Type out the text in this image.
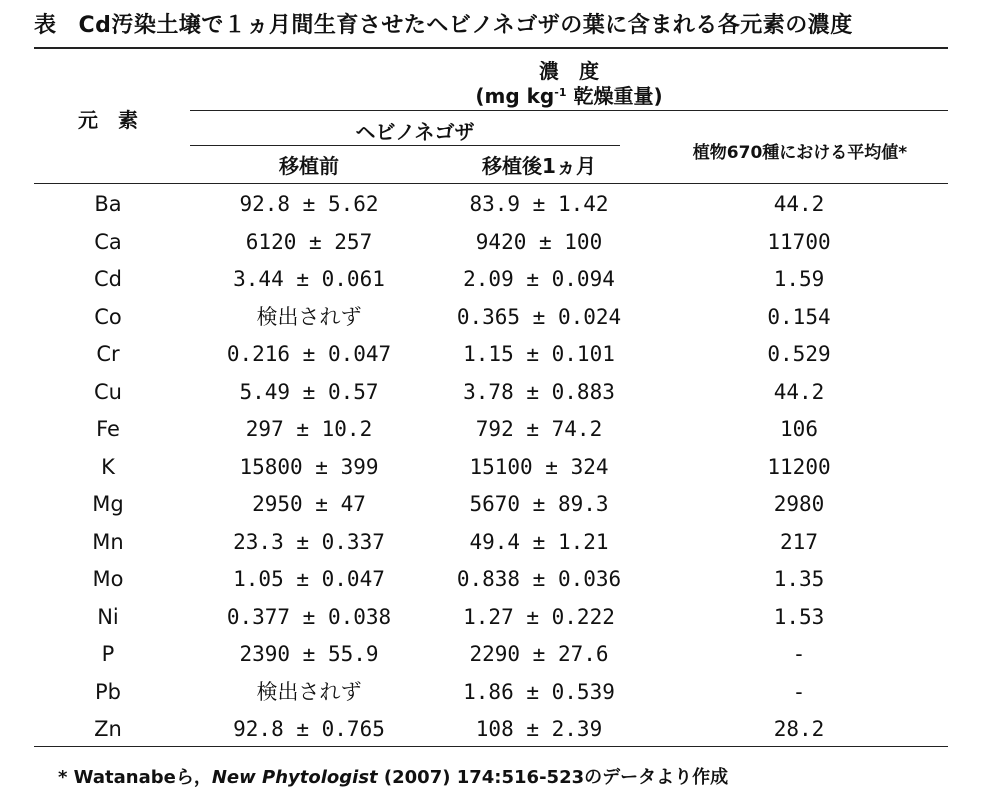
表 Cd汚染土壌で１ヵ月間生育させたヘビノネゴザの葉に含まれる各元素の濃度
濃　度
(mg $kg^{-1}$ 乾燥重量)
元　素	ヘビノネゴザ
植物670種における平均値*
移植前	移植後1ヵ月
Ba	92.8 ± 5.62	83.9 ± 1.42	44.2
Ca	6120 ± 257	9420 ± 100	11700
Cd	3.44 ± 0.061	2.09 ± 0.094	1.59
Co	検出されず	0.365 ± 0.024	0.154
Cr	0.216 ± 0.047	1.15 ± 0.101	0.529
Cu	5.49 ± 0.57	3.78 ± 0.883	44.2
Fe	297 ± 10.2	792 ± 74.2	106
K	15800 ± 399	15100 ± 324	11200
Mg	2950 ± 47	5670 ± 89.3	2980
Mn	23.3 ± 0.337	49.4 ± 1.21	217
Mo	1.05 ± 0.047	0.838 ± 0.036	1.35
Ni	0.377 ± 0.038	1.27 ± 0.222	1.53
P	2390 ± 55.9	2290 ± 27.6	-
Pb	検出されず	1.86 ± 0.539	-
Zn	92.8 ± 0.765	108 ± 2.39	28.2
* Watanabeら，New Phytologist (2007) 174:516-523のデータより作成
